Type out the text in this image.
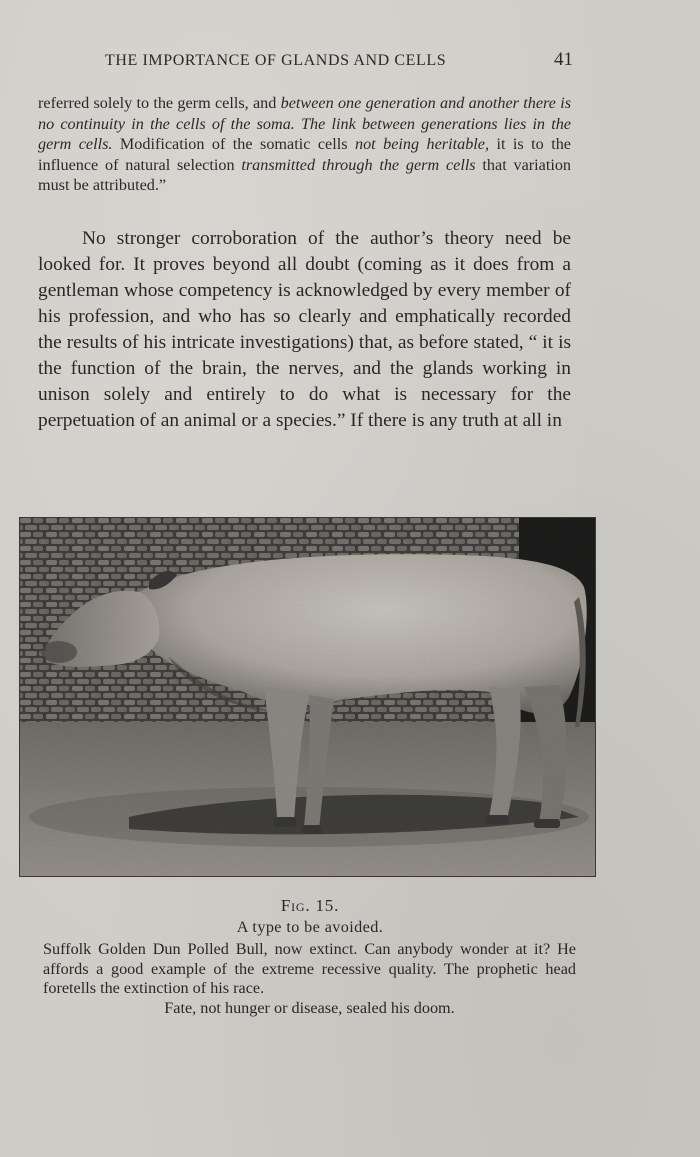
THE IMPORTANCE OF GLANDS AND CELLS	41

referred solely to the germ cells, and between one generation and another there is no continuity in the cells of the soma. The link between generations lies in the germ cells. Modification of the somatic cells not being heritable, it is to the influence of natural selection transmitted through the germ cells that variation must be attributed.”

No stronger corroboration of the author’s theory need be looked for. It proves beyond all doubt (coming as it does from a gentleman whose competency is acknowledged by every member of his profession, and who has so clearly and emphatically recorded the results of his intricate investigations) that, as before stated, “ it is the function of the brain, the nerves, and the glands working in unison solely and entirely to do what is necessary for the perpetuation of an animal or a species.” If there is any truth at all in

Fig. 15.
A type to be avoided.
Suffolk Golden Dun Polled Bull, now extinct. Can anybody wonder at it? He affords a good example of the extreme recessive quality. The prophetic head foretells the extinction of his race.
Fate, not hunger or disease, sealed his doom.
